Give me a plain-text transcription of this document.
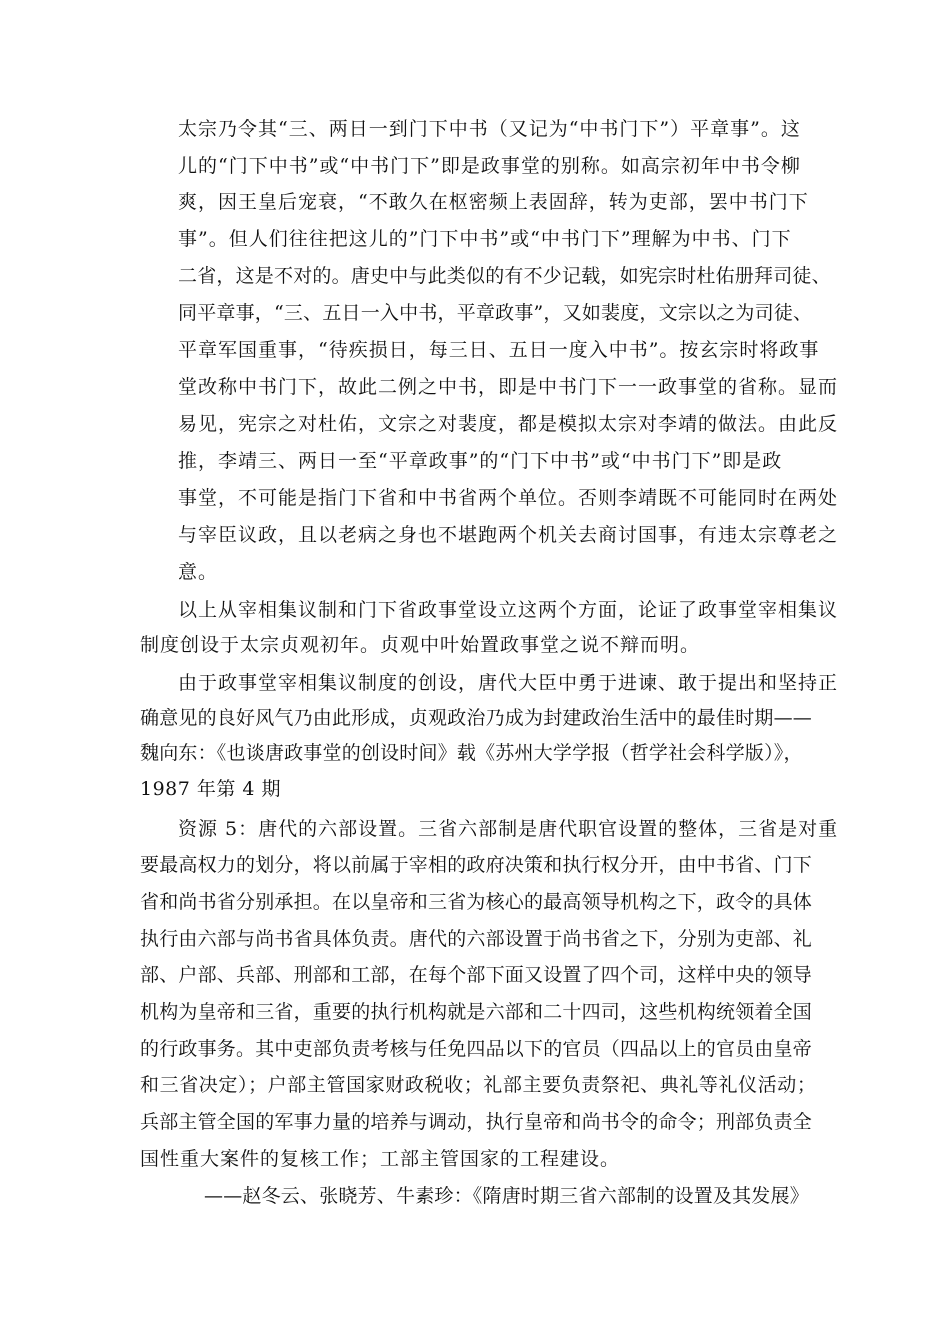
太宗乃令其“三、两日一到门下中书（又记为“中书门下”）平章事”。这
儿的“门下中书”或“中书门下”即是政事堂的别称。如高宗初年中书令柳
爽，因王皇后宠衰，“不敢久在枢密频上表固辞，转为吏部，罢中书门下
事”。但人们往往把这儿的”门下中书”或“中书门下”理解为中书、门下
二省，这是不对的。唐史中与此类似的有不少记载，如宪宗时杜佑册拜司徒、
同平章事，“三、五日一入中书，平章政事”，又如裴度，文宗以之为司徒、
平章军国重事，“待疾损日，每三日、五日一度入中书”。按玄宗时将政事
堂改称中书门下，故此二例之中书，即是中书门下一一政事堂的省称。显而
易见，宪宗之对杜佑，文宗之对裴度，都是模拟太宗对李靖的做法。由此反
推，李靖三、两日一至“平章政事”的“门下中书”或“中书门下”即是政
事堂，不可能是指门下省和中书省两个单位。否则李靖既不可能同时在两处
与宰臣议政，且以老病之身也不堪跑两个机关去商讨国事，有违太宗尊老之
意。
以上从宰相集议制和门下省政事堂设立这两个方面，论证了政事堂宰相集议
制度创设于太宗贞观初年。贞观中叶始置政事堂之说不辩而明。
由于政事堂宰相集议制度的创设，唐代大臣中勇于进谏、敢于提出和坚持正
确意见的良好风气乃由此形成，贞观政治乃成为封建政治生活中的最佳时期——
魏向东：《也谈唐政事堂的创设时间》载《苏州大学学报（哲学社会科学版）》，
1987 年第 4 期
资源 5：唐代的六部设置。三省六部制是唐代职官设置的整体，三省是对重
要最高权力的划分，将以前属于宰相的政府决策和执行权分开，由中书省、门下
省和尚书省分别承担。在以皇帝和三省为核心的最高领导机构之下，政令的具体
执行由六部与尚书省具体负责。唐代的六部设置于尚书省之下，分别为吏部、礼
部、户部、兵部、刑部和工部，在每个部下面又设置了四个司，这样中央的领导
机构为皇帝和三省，重要的执行机构就是六部和二十四司，这些机构统领着全国
的行政事务。其中吏部负责考核与任免四品以下的官员（四品以上的官员由皇帝
和三省决定）；户部主管国家财政税收；礼部主要负责祭祀、典礼等礼仪活动；
兵部主管全国的军事力量的培养与调动，执行皇帝和尚书令的命令；刑部负责全
国性重大案件的复核工作；工部主管国家的工程建设。
——赵冬云、张晓芳、牛素珍：《隋唐时期三省六部制的设置及其发展》
